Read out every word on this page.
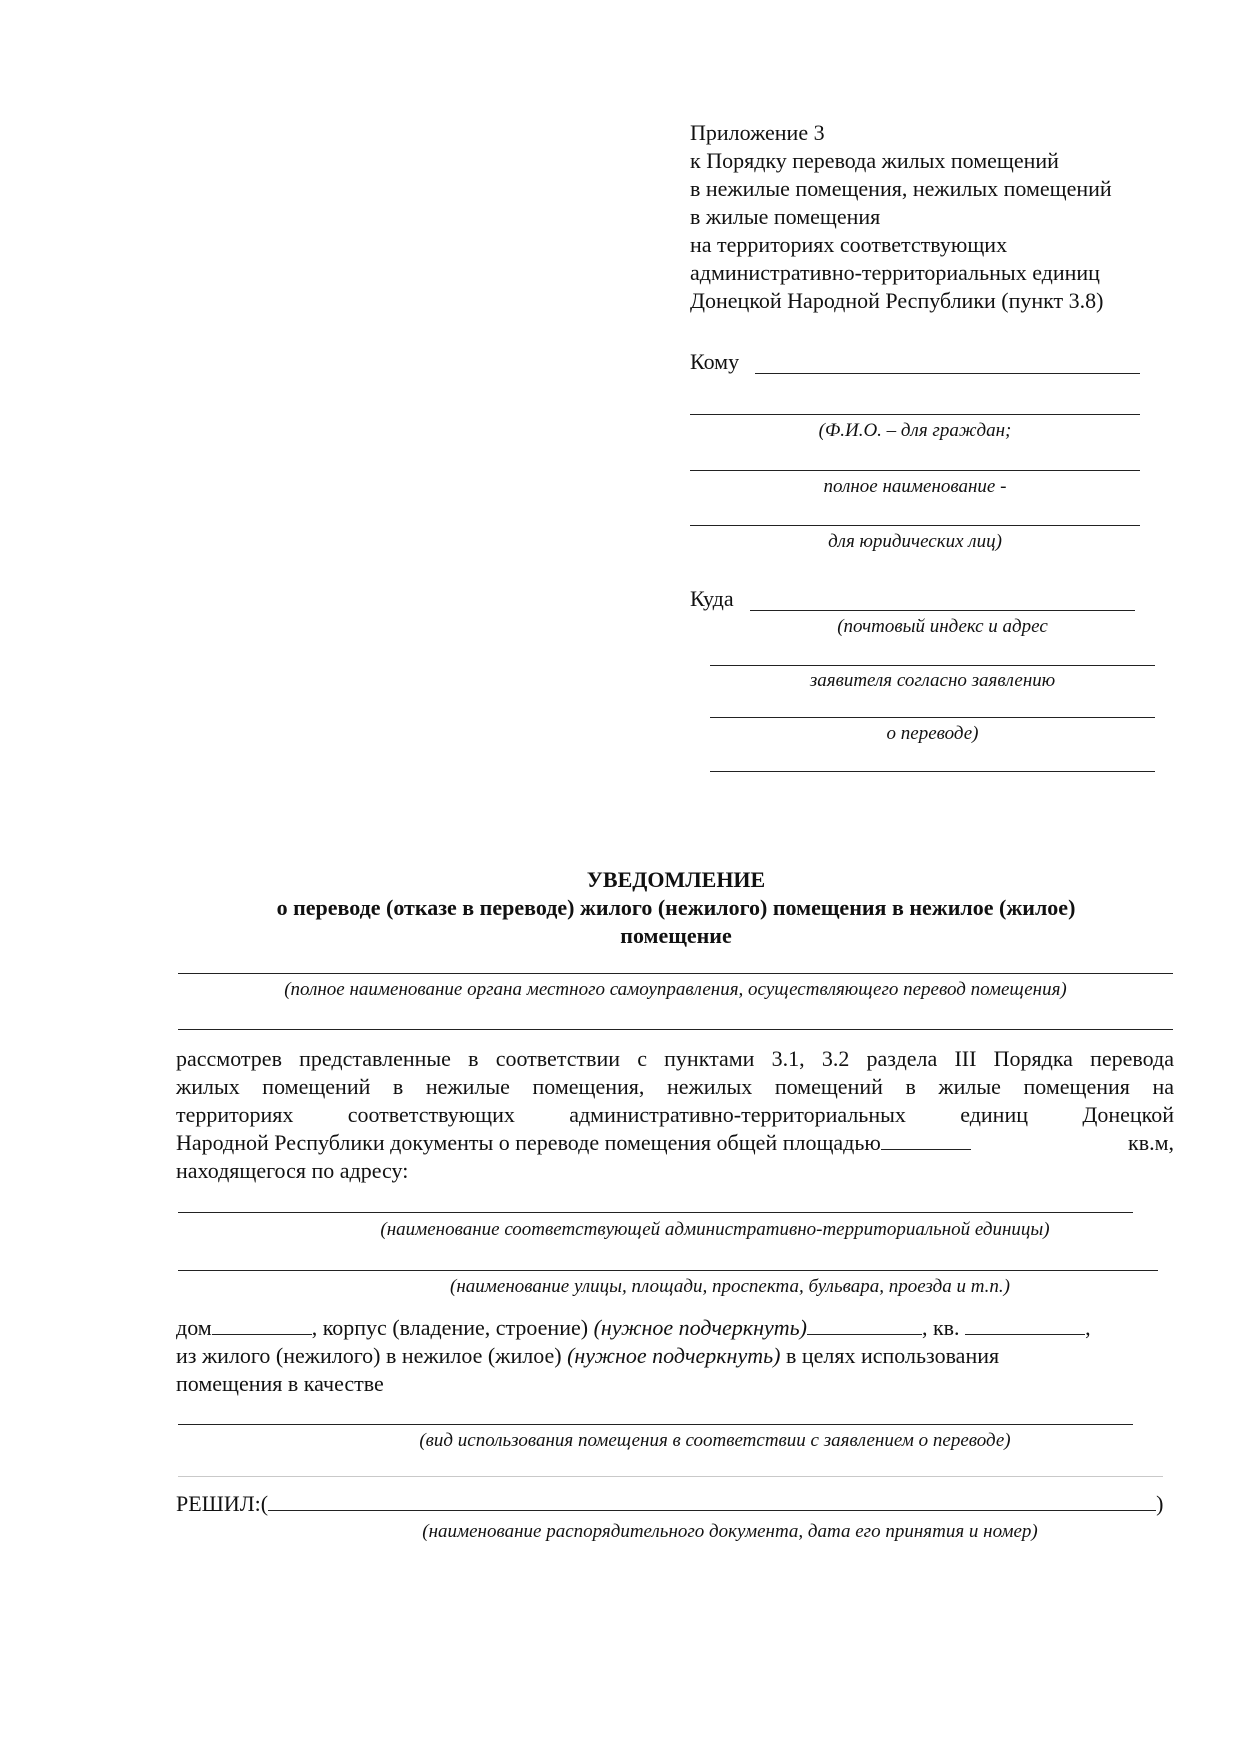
Приложение 3
к Порядку перевода жилых помещений
в нежилые помещения, нежилых помещений
в жилые помещения
на территориях соответствующих
административно-территориальных единиц
Донецкой Народной Республики (пункт 3.8)
Кому
(Ф.И.О. – для граждан;
полное наименование -
для юридических лиц)
Куда
(почтовый индекс и адрес
заявителя согласно заявлению
о переводе)
УВЕДОМЛЕНИЕ
о переводе (отказе в переводе) жилого (нежилого) помещения в нежилое (жилое)
помещение
(полное наименование органа местного самоуправления, осуществляющего перевод помещения)
рассмотрев представленные в соответствии с пунктами 3.1, 3.2 раздела III Порядка перевода
жилых помещений в нежилые помещения, нежилых помещений в жилые помещения на
территориях соответствующих административно-территориальных единиц Донецкой
Народной Республики документы о переводе помещения общей площадью	кв.м,
находящегося по адресу:
(наименование соответствующей административно-территориальной единицы)
(наименование улицы, площади, проспекта, бульвара, проезда и т.п.)
дом	, корпус (владение, строение) (нужное подчеркнуть)	, кв.	,
из жилого (нежилого) в нежилое (жилое) (нужное подчеркнуть) в целях использования
помещения в качестве
(вид использования помещения в соответствии с заявлением о переводе)
РЕШИЛ:(	)
(наименование распорядительного документа, дата его принятия и номер)
